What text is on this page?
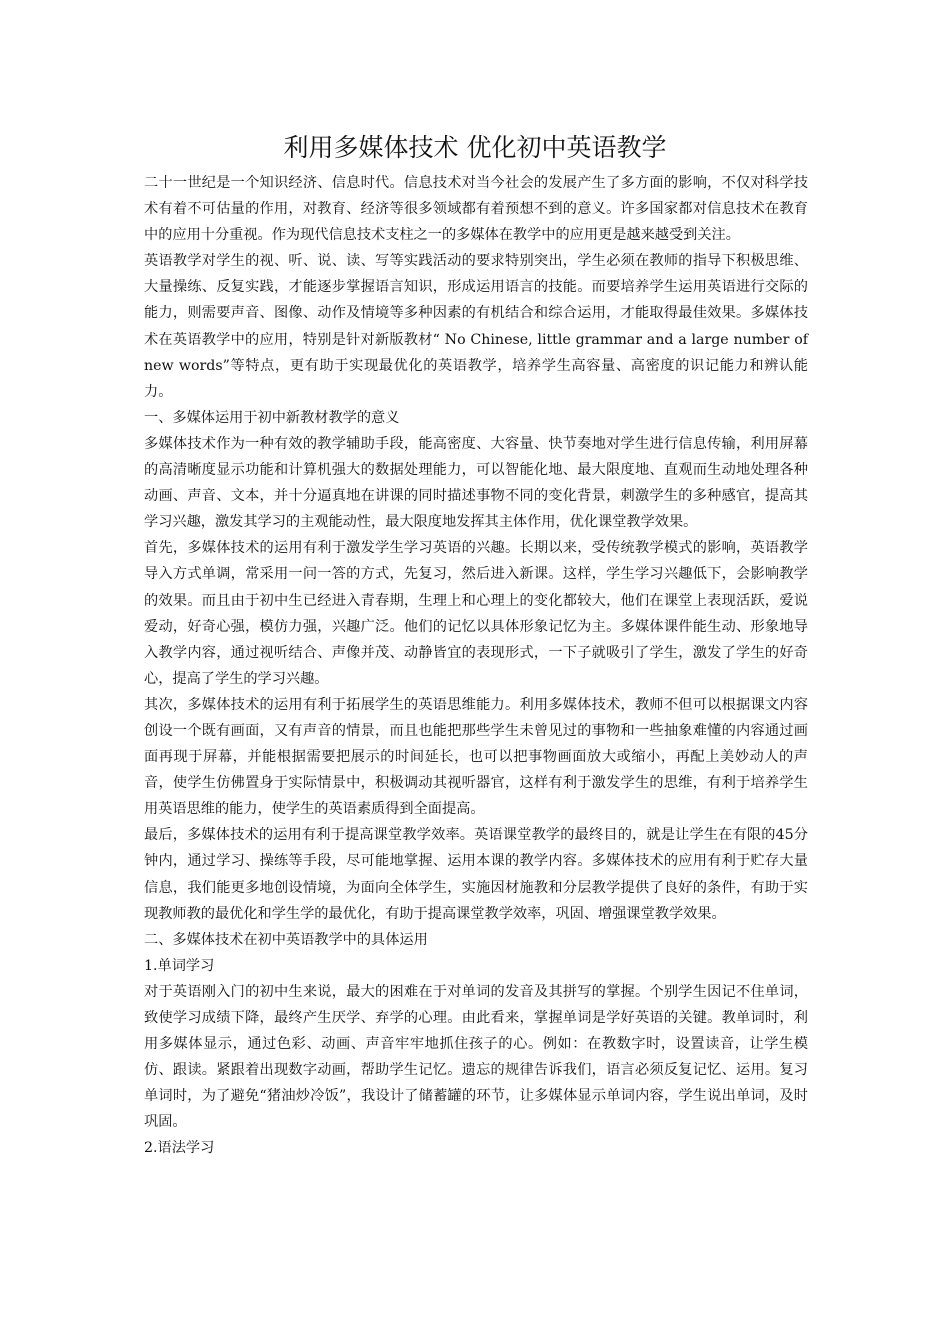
利用多媒体技术 优化初中英语教学

二十一世纪是一个知识经济、信息时代。信息技术对当今社会的发展产生了多方面的影响，不仅对科学技术有着不可估量的作用，对教育、经济等很多领域都有着预想不到的意义。许多国家都对信息技术在教育中的应用十分重视。作为现代信息技术支柱之一的多媒体在教学中的应用更是越来越受到关注。

英语教学对学生的视、听、说、读、写等实践活动的要求特别突出，学生必须在教师的指导下积极思维、大量操练、反复实践，才能逐步掌握语言知识，形成运用语言的技能。而要培养学生运用英语进行交际的能力，则需要声音、图像、动作及情境等多种因素的有机结合和综合运用，才能取得最佳效果。多媒体技术在英语教学中的应用，特别是针对新版教材“ No Chinese, little grammar and a large number of new words”等特点，更有助于实现最优化的英语教学，培养学生高容量、高密度的识记能力和辨认能力。

一、多媒体运用于初中新教材教学的意义

多媒体技术作为一种有效的教学辅助手段，能高密度、大容量、快节奏地对学生进行信息传输，利用屏幕的高清晰度显示功能和计算机强大的数据处理能力，可以智能化地、最大限度地、直观而生动地处理各种动画、声音、文本，并十分逼真地在讲课的同时描述事物不同的变化背景，刺激学生的多种感官，提高其学习兴趣，激发其学习的主观能动性，最大限度地发挥其主体作用，优化课堂教学效果。

首先，多媒体技术的运用有利于激发学生学习英语的兴趣。长期以来，受传统教学模式的影响，英语教学导入方式单调，常采用一问一答的方式，先复习，然后进入新课。这样，学生学习兴趣低下，会影响教学的效果。而且由于初中生已经进入青春期，生理上和心理上的变化都较大，他们在课堂上表现活跃，爱说爱动，好奇心强，模仿力强，兴趣广泛。他们的记忆以具体形象记忆为主。多媒体课件能生动、形象地导入教学内容，通过视听结合、声像并茂、动静皆宜的表现形式，一下子就吸引了学生，激发了学生的好奇心，提高了学生的学习兴趣。

其次，多媒体技术的运用有利于拓展学生的英语思维能力。利用多媒体技术，教师不但可以根据课文内容创设一个既有画面，又有声音的情景，而且也能把那些学生未曾见过的事物和一些抽象难懂的内容通过画面再现于屏幕，并能根据需要把展示的时间延长，也可以把事物画面放大或缩小，再配上美妙动人的声音，使学生仿佛置身于实际情景中，积极调动其视听器官，这样有利于激发学生的思维，有利于培养学生用英语思维的能力，使学生的英语素质得到全面提高。

最后，多媒体技术的运用有利于提高课堂教学效率。英语课堂教学的最终目的，就是让学生在有限的45分钟内，通过学习、操练等手段，尽可能地掌握、运用本课的教学内容。多媒体技术的应用有利于贮存大量信息，我们能更多地创设情境，为面向全体学生，实施因材施教和分层教学提供了良好的条件，有助于实现教师教的最优化和学生学的最优化，有助于提高课堂教学效率，巩固、增强课堂教学效果。

二、多媒体技术在初中英语教学中的具体运用

1.单词学习

对于英语刚入门的初中生来说，最大的困难在于对单词的发音及其拼写的掌握。个别学生因记不住单词，致使学习成绩下降，最终产生厌学、弃学的心理。由此看来，掌握单词是学好英语的关键。教单词时，利用多媒体显示，通过色彩、动画、声音牢牢地抓住孩子的心。例如：在教数字时，设置读音，让学生模仿、跟读。紧跟着出现数字动画，帮助学生记忆。遗忘的规律告诉我们，语言必须反复记忆、运用。复习单词时，为了避免“猪油炒冷饭”，我设计了储蓄罐的环节，让多媒体显示单词内容，学生说出单词，及时巩固。

2.语法学习
